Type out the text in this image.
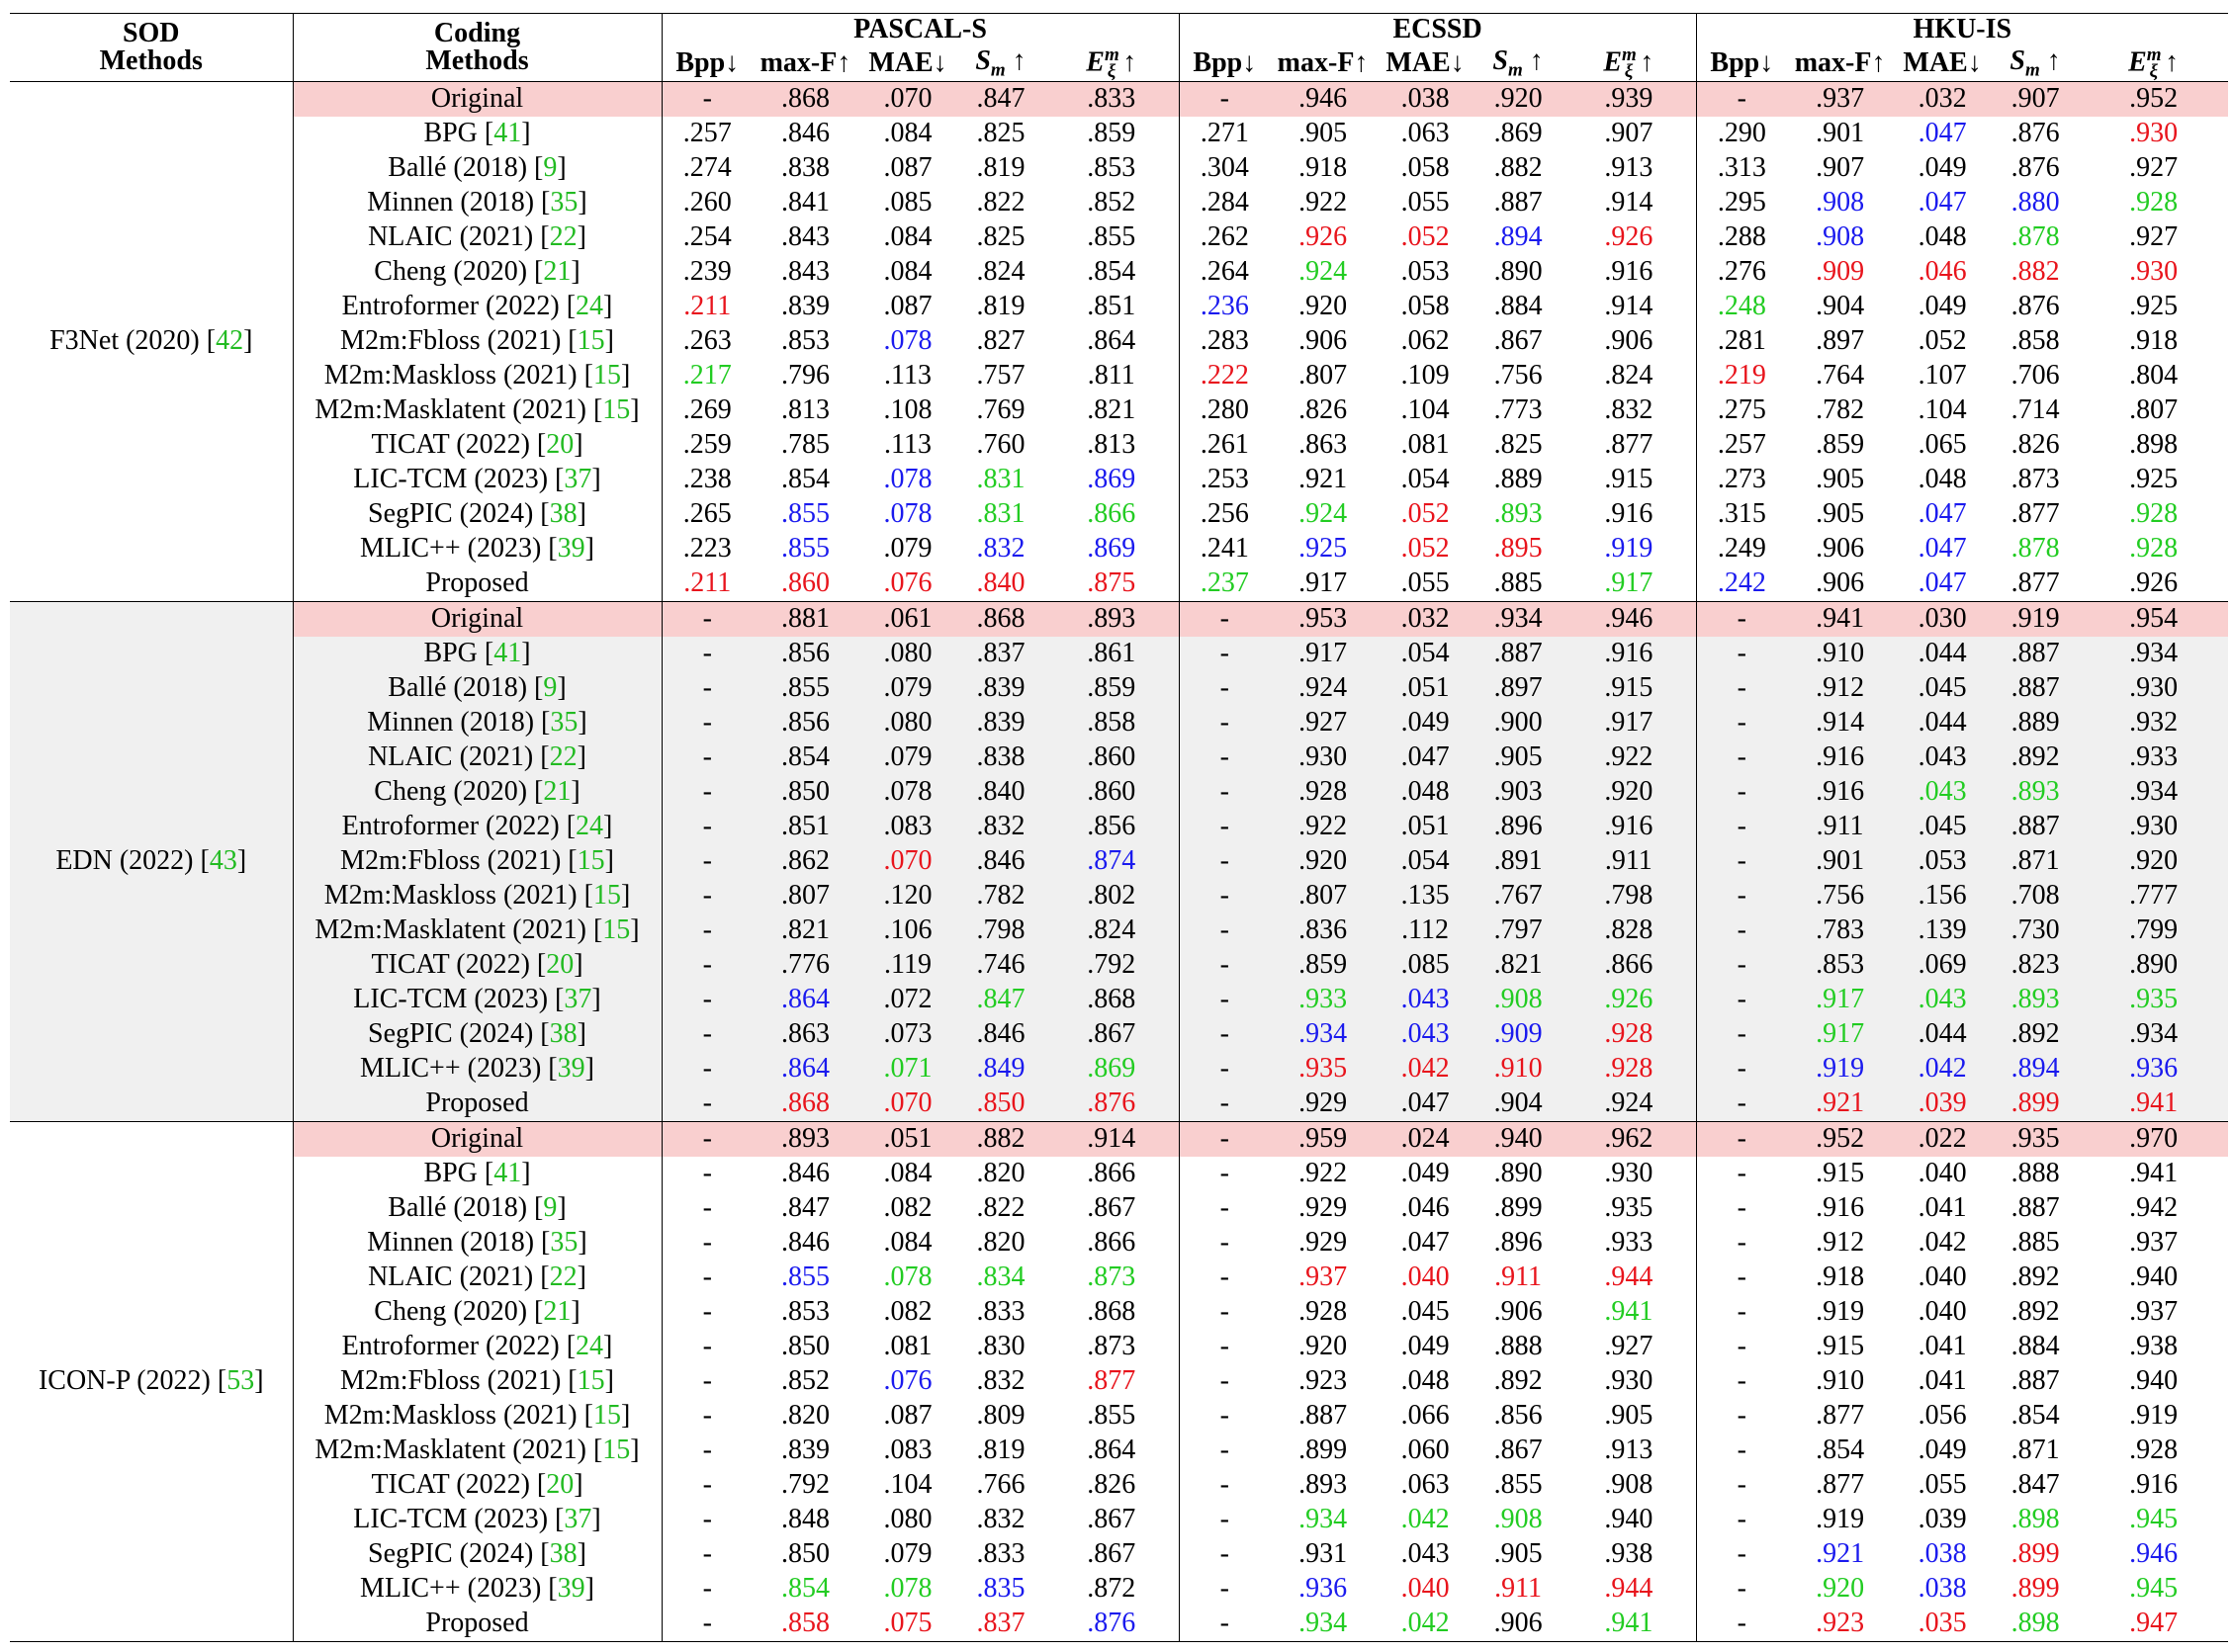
SOD
Methods	Coding
Methods	PASCAL-S					ECSSD					HKU-IS				
		Bpp↓	max-F↑	MAE↓	$S_m$ ↑	$E^m_\xi$ ↑	Bpp↓	max-F↑	MAE↓	$S_m$ ↑	$E^m_\xi$ ↑	Bpp↓	max-F↑	MAE↓	$S_m$ ↑	$E^m_\xi$ ↑
F3Net (2020) [42]	Original	-	.868	.070	.847	.833	-	.946	.038	.920	.939	-	.937	.032	.907	.952
	BPG [41]	.257	.846	.084	.825	.859	.271	.905	.063	.869	.907	.290	.901	.047	.876	.930
	Ballé (2018) [9]	.274	.838	.087	.819	.853	.304	.918	.058	.882	.913	.313	.907	.049	.876	.927
	Minnen (2018) [35]	.260	.841	.085	.822	.852	.284	.922	.055	.887	.914	.295	.908	.047	.880	.928
	NLAIC (2021) [22]	.254	.843	.084	.825	.855	.262	.926	.052	.894	.926	.288	.908	.048	.878	.927
	Cheng (2020) [21]	.239	.843	.084	.824	.854	.264	.924	.053	.890	.916	.276	.909	.046	.882	.930
	Entroformer (2022) [24]	.211	.839	.087	.819	.851	.236	.920	.058	.884	.914	.248	.904	.049	.876	.925
	M2m:Fbloss (2021) [15]	.263	.853	.078	.827	.864	.283	.906	.062	.867	.906	.281	.897	.052	.858	.918
	M2m:Maskloss (2021) [15]	.217	.796	.113	.757	.811	.222	.807	.109	.756	.824	.219	.764	.107	.706	.804
	M2m:Masklatent (2021) [15]	.269	.813	.108	.769	.821	.280	.826	.104	.773	.832	.275	.782	.104	.714	.807
	TICAT (2022) [20]	.259	.785	.113	.760	.813	.261	.863	.081	.825	.877	.257	.859	.065	.826	.898
	LIC-TCM (2023) [37]	.238	.854	.078	.831	.869	.253	.921	.054	.889	.915	.273	.905	.048	.873	.925
	SegPIC (2024) [38]	.265	.855	.078	.831	.866	.256	.924	.052	.893	.916	.315	.905	.047	.877	.928
	MLIC++ (2023) [39]	.223	.855	.079	.832	.869	.241	.925	.052	.895	.919	.249	.906	.047	.878	.928
	Proposed	.211	.860	.076	.840	.875	.237	.917	.055	.885	.917	.242	.906	.047	.877	.926
EDN (2022) [43]	Original	-	.881	.061	.868	.893	-	.953	.032	.934	.946	-	.941	.030	.919	.954
	BPG [41]	-	.856	.080	.837	.861	-	.917	.054	.887	.916	-	.910	.044	.887	.934
	Ballé (2018) [9]	-	.855	.079	.839	.859	-	.924	.051	.897	.915	-	.912	.045	.887	.930
	Minnen (2018) [35]	-	.856	.080	.839	.858	-	.927	.049	.900	.917	-	.914	.044	.889	.932
	NLAIC (2021) [22]	-	.854	.079	.838	.860	-	.930	.047	.905	.922	-	.916	.043	.892	.933
	Cheng (2020) [21]	-	.850	.078	.840	.860	-	.928	.048	.903	.920	-	.916	.043	.893	.934
	Entroformer (2022) [24]	-	.851	.083	.832	.856	-	.922	.051	.896	.916	-	.911	.045	.887	.930
	M2m:Fbloss (2021) [15]	-	.862	.070	.846	.874	-	.920	.054	.891	.911	-	.901	.053	.871	.920
	M2m:Maskloss (2021) [15]	-	.807	.120	.782	.802	-	.807	.135	.767	.798	-	.756	.156	.708	.777
	M2m:Masklatent (2021) [15]	-	.821	.106	.798	.824	-	.836	.112	.797	.828	-	.783	.139	.730	.799
	TICAT (2022) [20]	-	.776	.119	.746	.792	-	.859	.085	.821	.866	-	.853	.069	.823	.890
	LIC-TCM (2023) [37]	-	.864	.072	.847	.868	-	.933	.043	.908	.926	-	.917	.043	.893	.935
	SegPIC (2024) [38]	-	.863	.073	.846	.867	-	.934	.043	.909	.928	-	.917	.044	.892	.934
	MLIC++ (2023) [39]	-	.864	.071	.849	.869	-	.935	.042	.910	.928	-	.919	.042	.894	.936
	Proposed	-	.868	.070	.850	.876	-	.929	.047	.904	.924	-	.921	.039	.899	.941
ICON-P (2022) [53]	Original	-	.893	.051	.882	.914	-	.959	.024	.940	.962	-	.952	.022	.935	.970
	BPG [41]	-	.846	.084	.820	.866	-	.922	.049	.890	.930	-	.915	.040	.888	.941
	Ballé (2018) [9]	-	.847	.082	.822	.867	-	.929	.046	.899	.935	-	.916	.041	.887	.942
	Minnen (2018) [35]	-	.846	.084	.820	.866	-	.929	.047	.896	.933	-	.912	.042	.885	.937
	NLAIC (2021) [22]	-	.855	.078	.834	.873	-	.937	.040	.911	.944	-	.918	.040	.892	.940
	Cheng (2020) [21]	-	.853	.082	.833	.868	-	.928	.045	.906	.941	-	.919	.040	.892	.937
	Entroformer (2022) [24]	-	.850	.081	.830	.873	-	.920	.049	.888	.927	-	.915	.041	.884	.938
	M2m:Fbloss (2021) [15]	-	.852	.076	.832	.877	-	.923	.048	.892	.930	-	.910	.041	.887	.940
	M2m:Maskloss (2021) [15]	-	.820	.087	.809	.855	-	.887	.066	.856	.905	-	.877	.056	.854	.919
	M2m:Masklatent (2021) [15]	-	.839	.083	.819	.864	-	.899	.060	.867	.913	-	.854	.049	.871	.928
	TICAT (2022) [20]	-	.792	.104	.766	.826	-	.893	.063	.855	.908	-	.877	.055	.847	.916
	LIC-TCM (2023) [37]	-	.848	.080	.832	.867	-	.934	.042	.908	.940	-	.919	.039	.898	.945
	SegPIC (2024) [38]	-	.850	.079	.833	.867	-	.931	.043	.905	.938	-	.921	.038	.899	.946
	MLIC++ (2023) [39]	-	.854	.078	.835	.872	-	.936	.040	.911	.944	-	.920	.038	.899	.945
	Proposed	-	.858	.075	.837	.876	-	.934	.042	.906	.941	-	.923	.035	.898	.947
